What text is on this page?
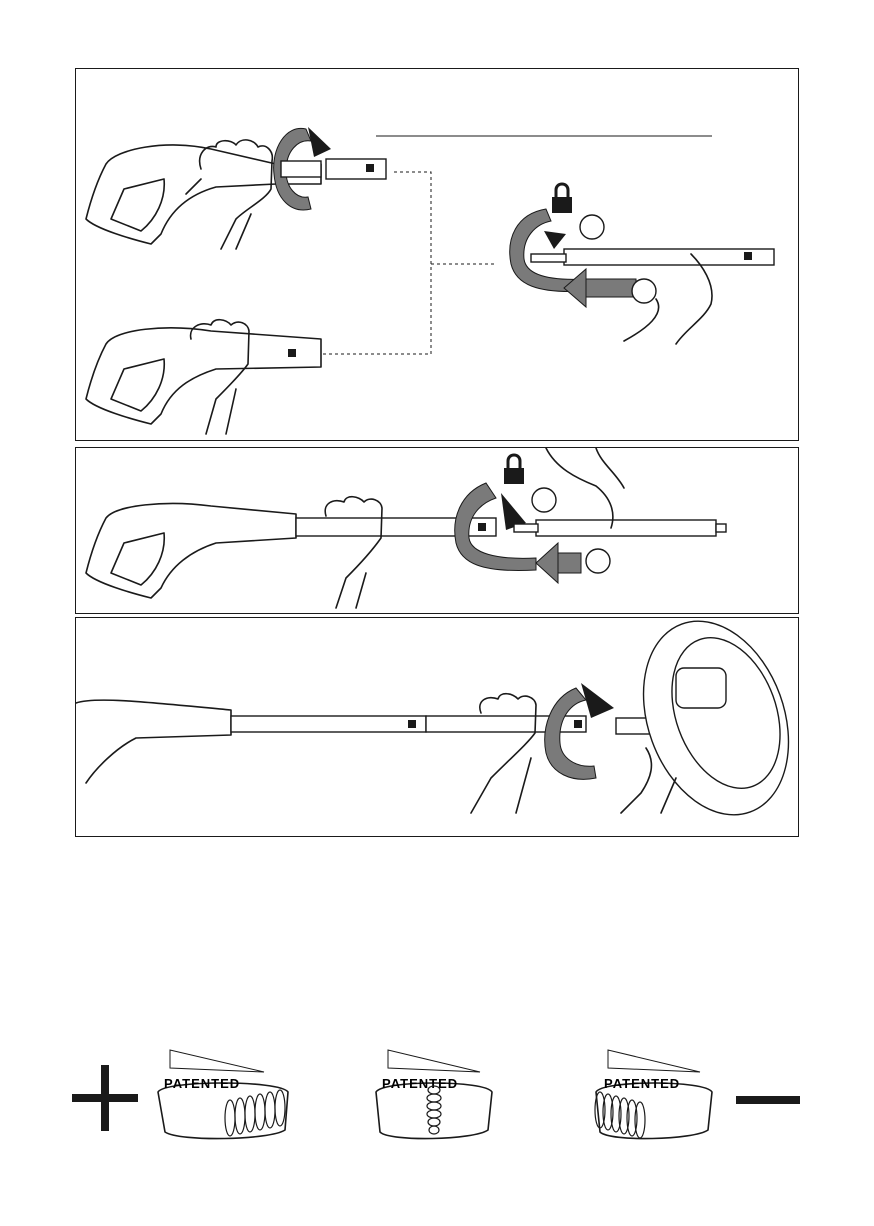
PATENTED	PATENTED	PATENTED
